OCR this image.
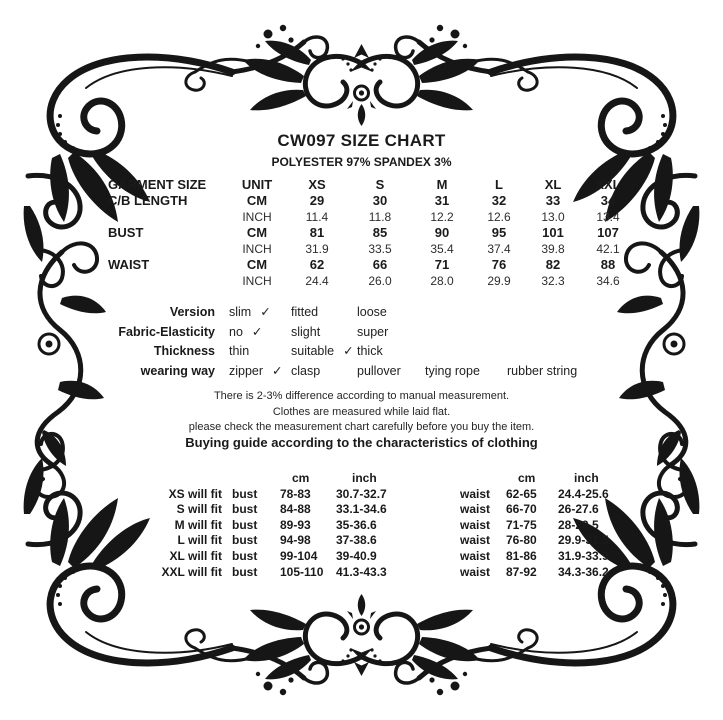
CW097 SIZE CHART
POLYESTER 97% SPANDEX 3%
GARMENT SIZE	UNIT	XS	S	M	L	XL	XXL
C/B LENGTH	CM	29	30	31	32	33	34
INCH	11.4	11.8	12.2	12.6	13.0	13.4
BUST	CM	81	85	90	95	101	107
INCH	31.9	33.5	35.4	37.4	39.8	42.1
WAIST	CM	62	66	71	76	82	88
INCH	24.4	26.0	28.0	29.9	32.3	34.6
Version slim ✓ fitted	loose
Fabric-Elasticity no ✓ slight	super
Thickness thin	suitable ✓ thick
wearing way zipper ✓ clasp	pullover tying rope rubber string
There is 2-3% difference according to manual measurement.
Clothes are measured while laid flat.
please check the measurement chart carefully before you buy the item.
Buying guide according to the characteristics of clothing
cm	inch	cm	inch
XS will fit bust	78-83	30.7-32.7	waist	62-65	24.4-25.6
S will fit bust	84-88	33.1-34.6	waist	66-70	26-27.6
M will fit bust	89-93	35-36.6	waist	71-75	28-29.5
L will fit bust	94-98	37-38.6	waist	76-80	29.9-31.5
XL will fit bust	99-104	39-40.9	waist	81-86	31.9-33.9
XXL will fit bust	105-110	41.3-43.3	waist	87-92	34.3-36.2
